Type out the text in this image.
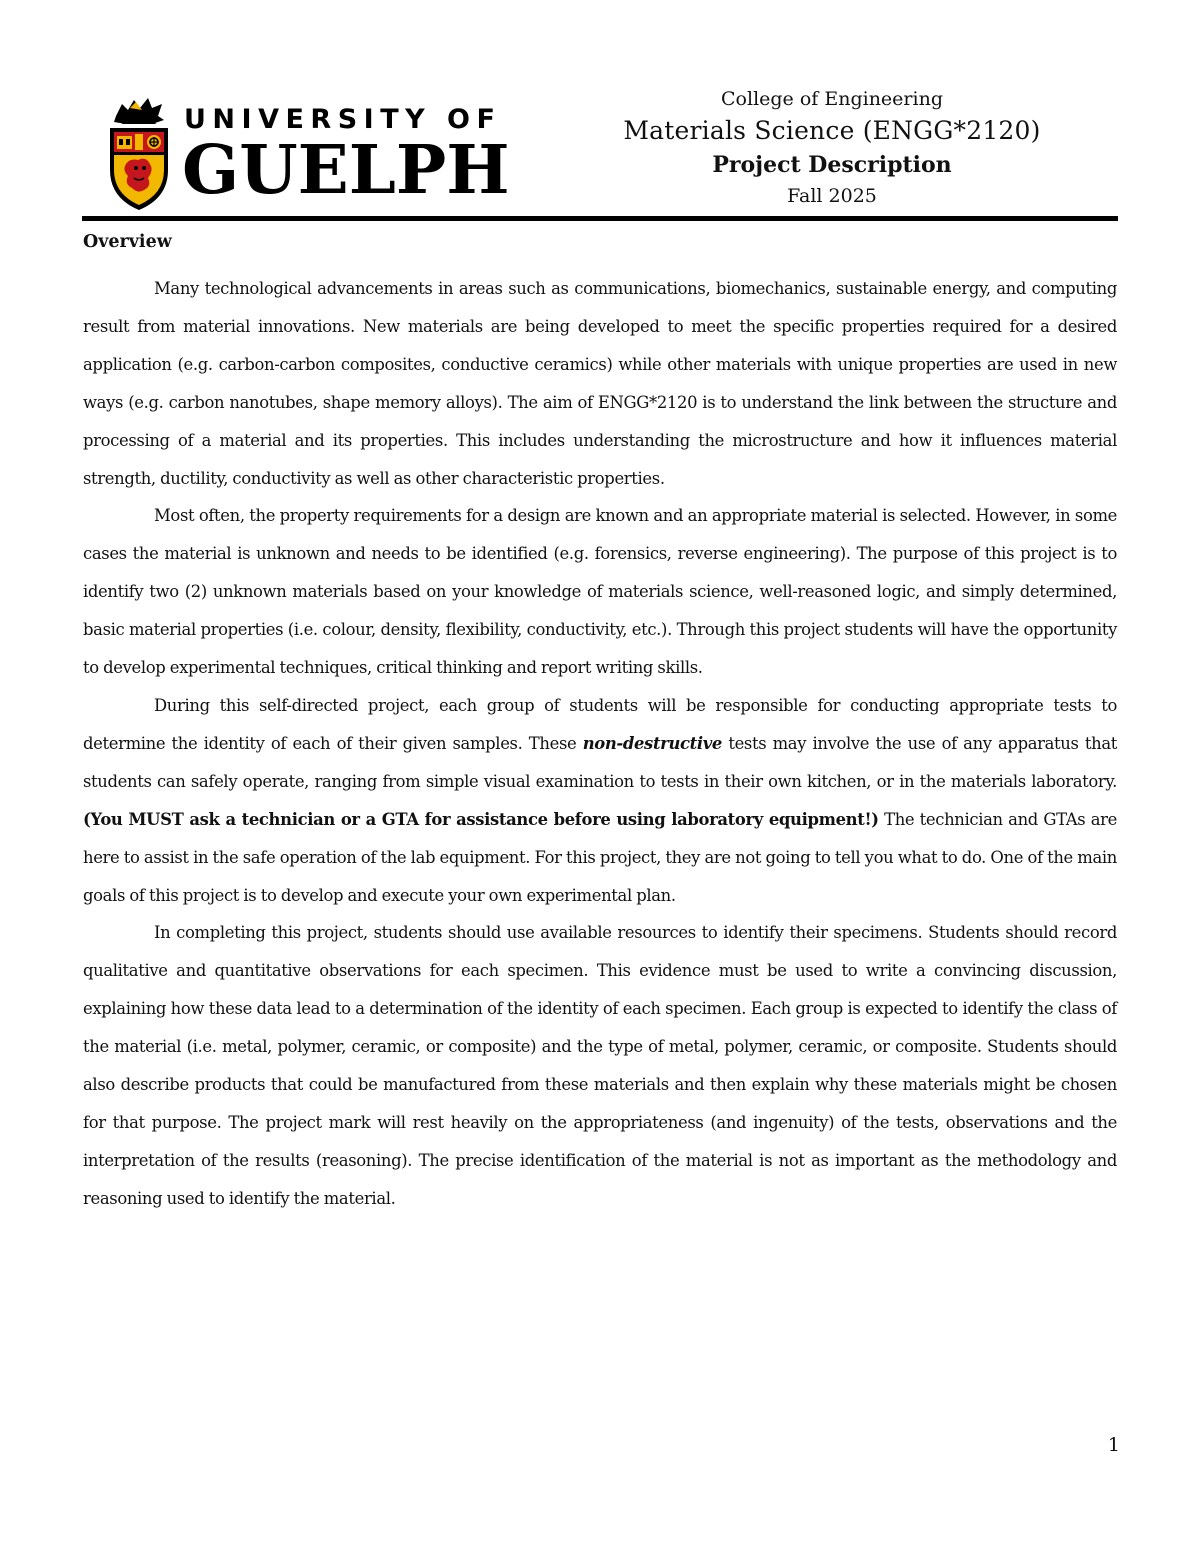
UNIVERSITY OF
GUELPH
College of Engineering
Materials Science (ENGG*2120)
Project Description
Fall 2025
Overview

Many technological advancements in areas such as communications, biomechanics, sustainable energy, and computing result from material innovations. New materials are being developed to meet the specific properties required for a desired application (e.g. carbon-carbon composites, conductive ceramics) while other materials with unique properties are used in new ways (e.g. carbon nanotubes, shape memory alloys). The aim of ENGG*2120 is to understand the link between the structure and processing of a material and its properties. This includes understanding the microstructure and how it influences material strength, ductility, conductivity as well as other characteristic properties.

Most often, the property requirements for a design are known and an appropriate material is selected. However, in some cases the material is unknown and needs to be identified (e.g. forensics, reverse engineering). The purpose of this project is to identify two (2) unknown materials based on your knowledge of materials science, well-reasoned logic, and simply determined, basic material properties (i.e. colour, density, flexibility, conductivity, etc.). Through this project students will have the opportunity to develop experimental techniques, critical thinking and report writing skills.

During this self-directed project, each group of students will be responsible for conducting appropriate tests to determine the identity of each of their given samples. These non-destructive tests may involve the use of any apparatus that students can safely operate, ranging from simple visual examination to tests in their own kitchen, or in the materials laboratory. (You MUST ask a technician or a GTA for assistance before using laboratory equipment!) The technician and GTAs are here to assist in the safe operation of the lab equipment. For this project, they are not going to tell you what to do. One of the main goals of this project is to develop and execute your own experimental plan.

In completing this project, students should use available resources to identify their specimens. Students should record qualitative and quantitative observations for each specimen. This evidence must be used to write a convincing discussion, explaining how these data lead to a determination of the identity of each specimen. Each group is expected to identify the class of the material (i.e. metal, polymer, ceramic, or composite) and the type of metal, polymer, ceramic, or composite. Students should also describe products that could be manufactured from these materials and then explain why these materials might be chosen for that purpose. The project mark will rest heavily on the appropriateness (and ingenuity) of the tests, observations and the interpretation of the results (reasoning). The precise identification of the material is not as important as the methodology and reasoning used to identify the material.

1
